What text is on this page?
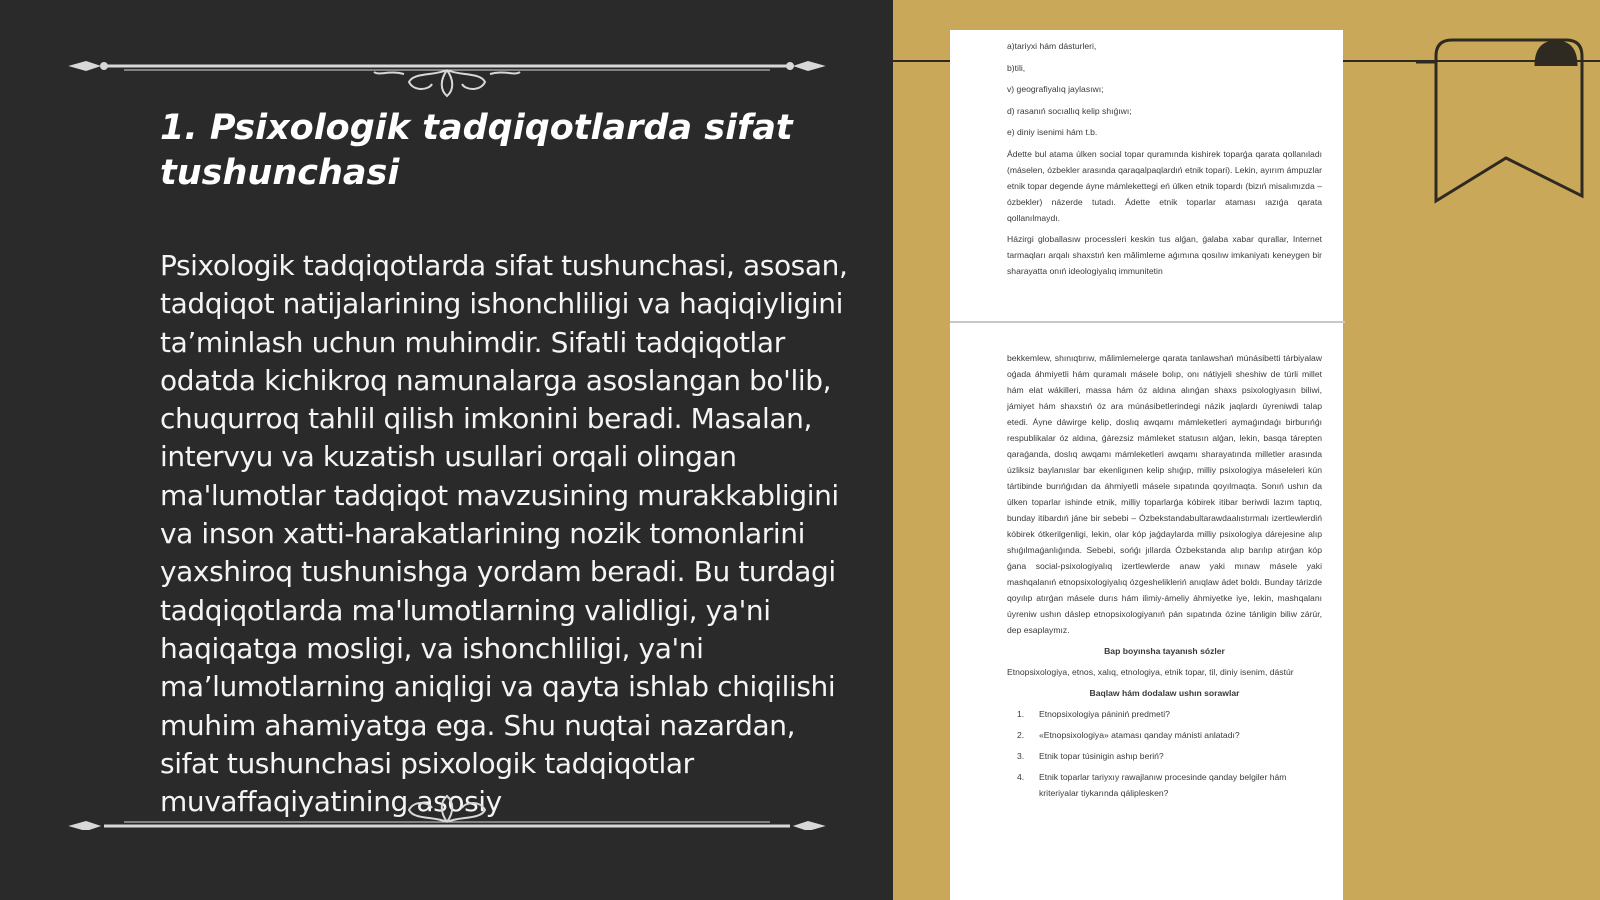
1. Psixologik tadqiqotlarda sifat tushunchasi
Psixologik tadqiqotlarda sifat tushunchasi, asosan, tadqiqot natijalarining ishonchliligi va haqiqiyligini ta’minlash uchun muhimdir. Sifatli tadqiqotlar odatda kichikroq namunalarga asoslangan bo'lib, chuqurroq tahlil qilish imkonini beradi. Masalan, intervyu va kuzatish usullari orqali olingan ma'lumotlar tadqiqot mavzusining murakkabligini va inson xatti-harakatlarining nozik tomonlarini yaxshiroq tushunishga yordam beradi. Bu turdagi tadqiqotlarda ma'lumotlarning validligi, ya'ni haqiqatga mosligi, va ishonchliligi, ya'ni ma’lumotlarning aniqligi va qayta ishlab chiqilishi muhim ahamiyatga ega. Shu nuqtai nazardan, sifat tushunchasi psixologik tadqiqotlar muvaffaqiyatining asosiy
a)tariyxi hám dásturleri,
b)tili,
v) geografiyalıq jaylasıwı;
d) rasanıń socıallıq kelip shıǵıwı;
e) diniy isenimi hám t.b.

Ádette bul atama úlken social topar quramında kishirek toparǵa qarata qollanıladı (máselen, ózbekler arasında qaraqalpaqlardıń etnik topari). Lekin, ayırım ámpuzlar etnik topar degende áyne mámlekettegi eń úlken etnik topardı (bizıń misalımızda – ózbekler) názerde tutadı. Ádette etnik toparlar ataması ıazıǵa qarata qollanılmaydı.

Házirgi globallasıw processleri keskin tus alǵan, ǵalaba xabar qurallar, Internet tarmaqları arqalı shaxstıń ken mǎlimleme aǵımına qosılıw imkaniyatı keneygen bir sharayatta onıń ideologiyalıq immunitetin

bekkemlew, shınıqtırıw, mǎlimlemelerge qarata tanlawshań múnásibetti tárbiyalaw oǵada áhmiyetli hám quramalı másele bolıp, onı nátiyjeli sheshiw de túrli millet hám elat wákilleri, massa hám óz aldına alınǵan shaxs psixologiyasın biliwi, jámiyet hám shaxstıń óz ara múnásibetlerindegi názik jaqlardı úyreniwdi talap etedi. Áyne dáwirge kelip, doslıq awqamı mámleketleri aymaǵındaǵı birburıńǵı respublikalar óz aldına, ǵárezsiz mámleket statusın alǵan, lekin, basqa tárepten qaraǵanda, doslıq awqamı mámleketleri awqamı sharayatında milletler arasında úzliksiz baylanıslar bar ekenligınen kelip shıǵıp, milliy psixologiya máseleleri kún tártibinde burıńǵıdan da áhmiyetli másele sıpatında qoyılmaqta. Sonıń ushın da úlken toparlar ishinde etnik, milliy toparlarǵa kóbirek itibar beriwdi lazım taptıq, bunday itibardıń jáne bir sebebi – Ózbekstandabultarawdaalıstırmalı izertlewlerdiń kóbirek ótkerilgenligi, lekin, olar kóp jaǵdaylarda milliy psixologiya dárejesine alıp shıǵılmaǵanlıǵında. Sebebi, sońǵı jıllarda Ózbekstanda alıp barılıp atırǵan kóp ǵana social-psixologiyalıq izertlewlerde anaw yaki mınaw másele yaki mashqalanıń etnopsixologiyalıq ózgeshelikleriń anıqlaw ádet boldı. Bunday tárizde qoyılıp atırǵan másele durıs hám ilimiy-ámeliy áhmiyetke iye, lekin, mashqalanı úyreniw ushın dáslep etnopsixologiyanıń pán sıpatında ózine tánligin biliw zárúr, dep esaplaymız.

Bap boyınsha tayanısh sózler

Etnopsixologiya, etnos, xalıq, etnologiya, etnik topar, til, diniy isenim, dástúr

Baqlaw hám dodalaw ushın sorawlar
1.	Etnopsixologiya pániniń predmeti?
2.	«Etnopsixologiya» ataması qanday mánisti anlatadı?
3.	Etnik topar túsinigin ashıp beriń?
4.	Etnik toparlar tariyxıy rawajlanıw procesinde qanday belgiler hám kriteriyalar tiykarında qáliplesken?
